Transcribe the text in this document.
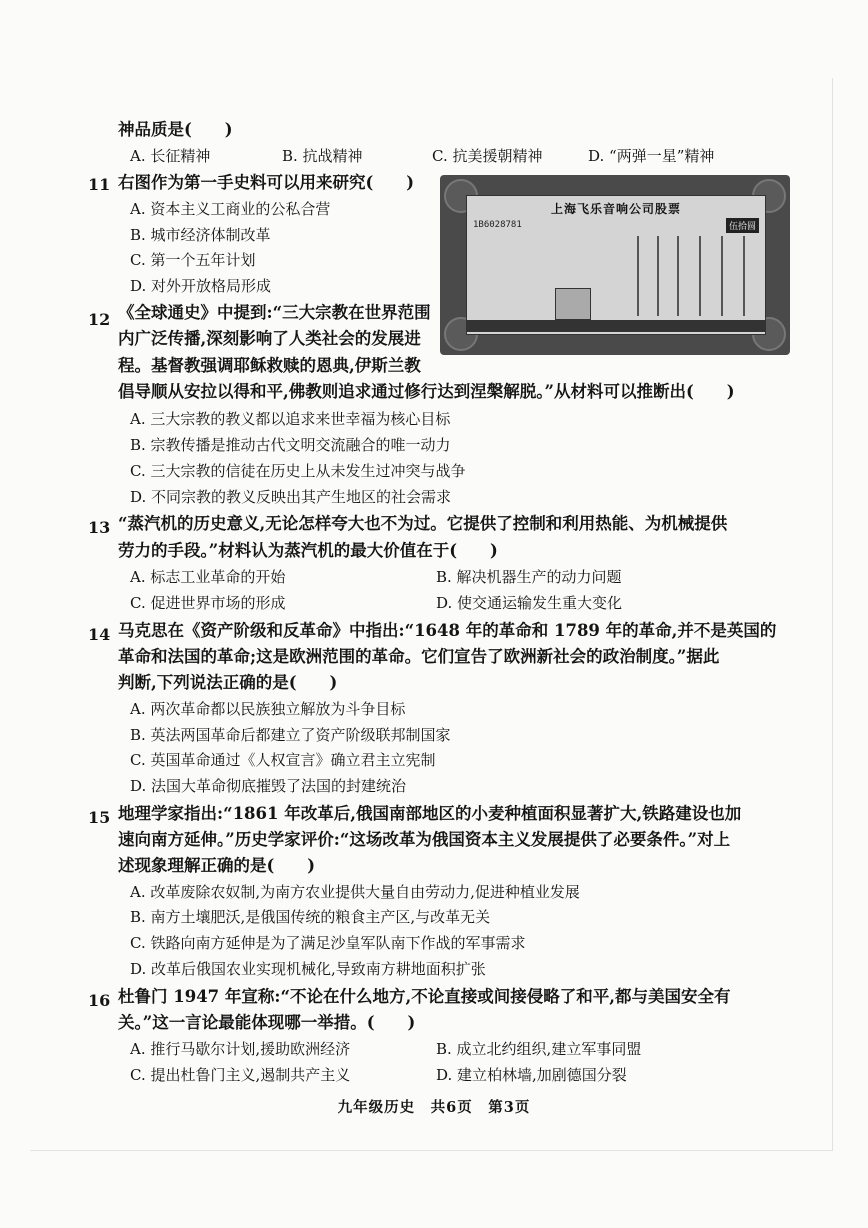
神品质是(　　)
A. 长征精神	B. 抗战精神	C. 抗美援朝精神	D. “两弹一星”精神
右图作为第一手史料可以用来研究(　　)
A. 资本主义工商业的公私合营
B. 城市经济体制改革
C. 第一个五年计划
D. 对外开放格局形成
《全球通史》中提到:“三大宗教在世界范围
内广泛传播,深刻影响了人类社会的发展进
程。基督教强调耶稣救赎的恩典,伊斯兰教
倡导顺从安拉以得和平,佛教则追求通过修行达到涅槃解脱。”从材料可以推断出(　　)
A. 三大宗教的教义都以追求来世幸福为核心目标
B. 宗教传播是推动古代文明交流融合的唯一动力
C. 三大宗教的信徒在历史上从未发生过冲突与战争
D. 不同宗教的教义反映出其产生地区的社会需求
“蒸汽机的历史意义,无论怎样夸大也不为过。它提供了控制和利用热能、为机械提供
劳力的手段。”材料认为蒸汽机的最大价值在于(　　)
A. 标志工业革命的开始	B. 解决机器生产的动力问题
C. 促进世界市场的形成	D. 使交通运输发生重大变化
马克思在《资产阶级和反革命》中指出:“1648 年的革命和 1789 年的革命,并不是英国的
革命和法国的革命;这是欧洲范围的革命。它们宣告了欧洲新社会的政治制度。”据此
判断,下列说法正确的是(　　)
A. 两次革命都以民族独立解放为斗争目标
B. 英法两国革命后都建立了资产阶级联邦制国家
C. 英国革命通过《人权宣言》确立君主立宪制
D. 法国大革命彻底摧毁了法国的封建统治
地理学家指出:“1861 年改革后,俄国南部地区的小麦种植面积显著扩大,铁路建设也加
速向南方延伸。”历史学家评价:“这场改革为俄国资本主义发展提供了必要条件。”对上
述现象理解正确的是(　　)
A. 改革废除农奴制,为南方农业提供大量自由劳动力,促进种植业发展
B. 南方土壤肥沃,是俄国传统的粮食主产区,与改革无关
C. 铁路向南方延伸是为了满足沙皇军队南下作战的军事需求
D. 改革后俄国农业实现机械化,导致南方耕地面积扩张
杜鲁门 1947 年宣称:“不论在什么地方,不论直接或间接侵略了和平,都与美国安全有
关。”这一言论最能体现哪一举措。(　　)
A. 推行马歇尔计划,援助欧洲经济	B. 成立北约组织,建立军事同盟
C. 提出杜鲁门主义,遏制共产主义	D. 建立柏林墙,加剧德国分裂
11
12
13
14
15
16
上海飞乐音响公司股票
1B6028781	伍拾圆
九年级历史　共6页　第3页
